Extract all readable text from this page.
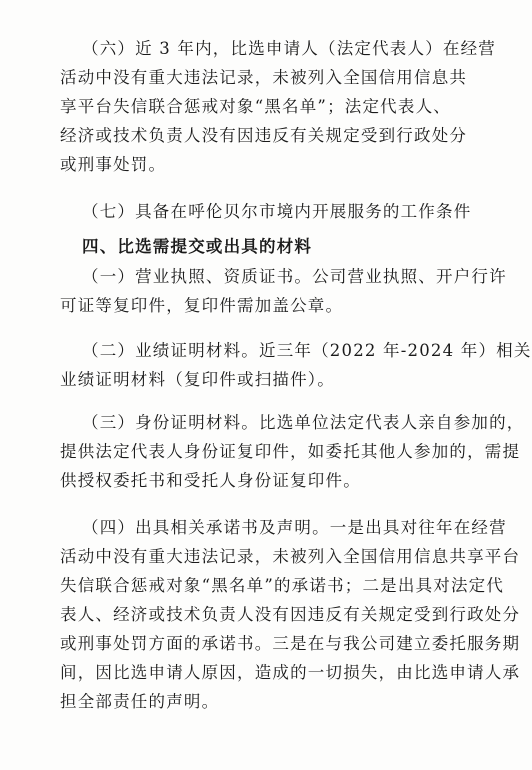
（六）近 3 年内，比选申请人（法定代表人）在经营
活动中没有重大违法记录，未被列入全国信用信息共
享平台失信联合惩戒对象“黑名单”；法定代表人、
经济或技术负责人没有因违反有关规定受到行政处分
或刑事处罚。
（七）具备在呼伦贝尔市境内开展服务的工作条件
四、比选需提交或出具的材料
（一）营业执照、资质证书。公司营业执照、开户行许
可证等复印件，复印件需加盖公章。
（二）业绩证明材料。近三年（2022 年-2024 年）相关
业绩证明材料（复印件或扫描件）。
（三）身份证明材料。比选单位法定代表人亲自参加的，
提供法定代表人身份证复印件，如委托其他人参加的，需提
供授权委托书和受托人身份证复印件。
（四）出具相关承诺书及声明。一是出具对往年在经营
活动中没有重大违法记录，未被列入全国信用信息共享平台
失信联合惩戒对象“黑名单”的承诺书；二是出具对法定代
表人、经济或技术负责人没有因违反有关规定受到行政处分
或刑事处罚方面的承诺书。三是在与我公司建立委托服务期
间，因比选申请人原因，造成的一切损失，由比选申请人承
担全部责任的声明。
